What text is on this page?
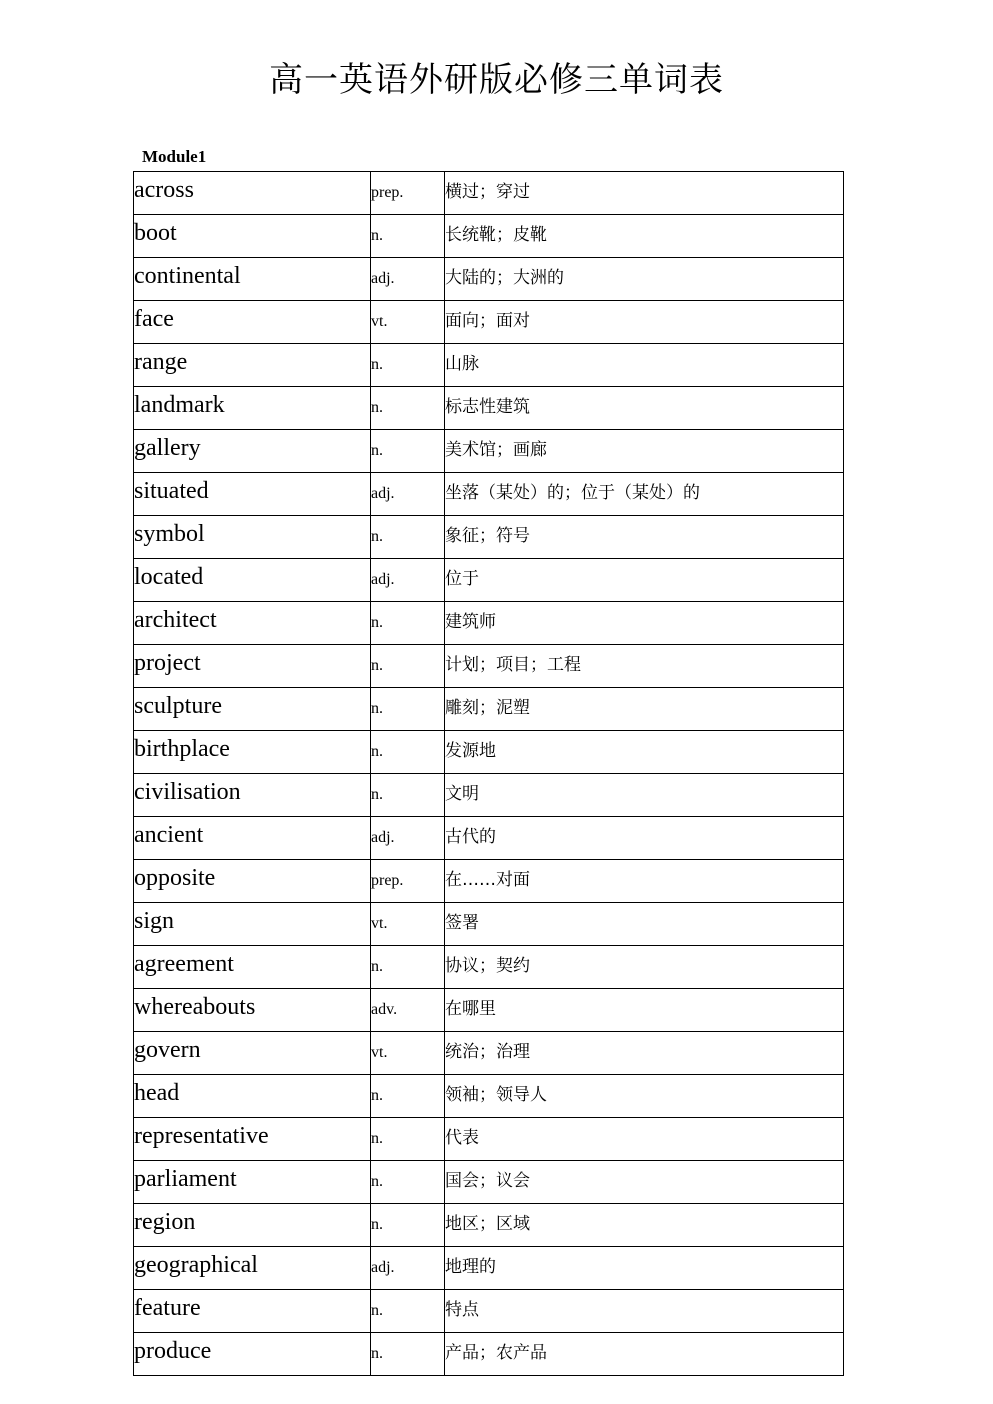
高一英语外研版必修三单词表
Module1
across	prep.	横过；穿过
boot	n.	长统靴；皮靴
continental	adj.	大陆的；大洲的
face	vt.	面向；面对
range	n.	山脉
landmark	n.	标志性建筑
gallery	n.	美术馆；画廊
situated	adj.	坐落（某处）的；位于（某处）的
symbol	n.	象征；符号
located	adj.	位于
architect	n.	建筑师
project	n.	计划；项目；工程
sculpture	n.	雕刻；泥塑
birthplace	n.	发源地
civilisation	n.	文明
ancient	adj.	古代的
opposite	prep.	在……对面
sign	vt.	签署
agreement	n.	协议；契约
whereabouts	adv.	在哪里
govern	vt.	统治；治理
head	n.	领袖；领导人
representative	n.	代表
parliament	n.	国会；议会
region	n.	地区；区域
geographical	adj.	地理的
feature	n.	特点
produce	n.	产品；农产品
